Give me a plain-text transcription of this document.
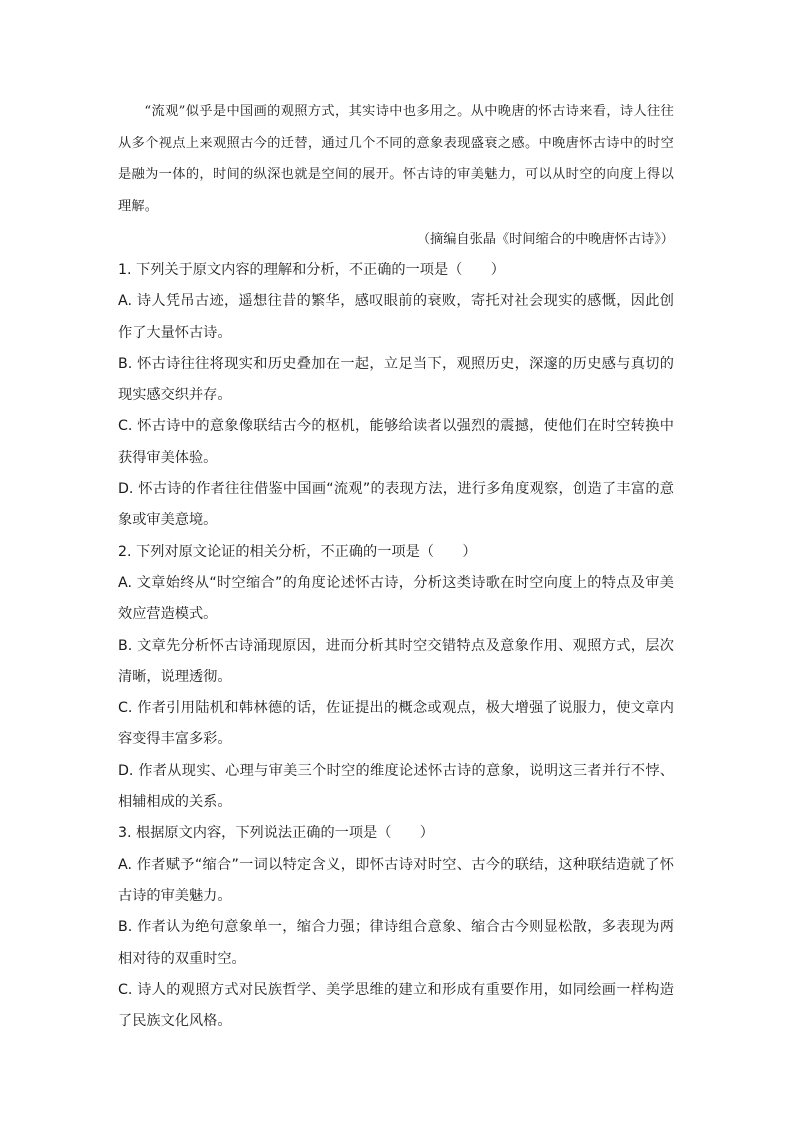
“流观”似乎是中国画的观照方式，其实诗中也多用之。从中晚唐的怀古诗来看，诗人往往从多个视点上来观照古今的迁替，通过几个不同的意象表现盛衰之感。中晚唐怀古诗中的时空是融为一体的，时间的纵深也就是空间的展开。怀古诗的审美魅力，可以从时空的向度上得以理解。

（摘编自张晶《时间缩合的中晚唐怀古诗》）

1. 下列关于原文内容的理解和分析，不正确的一项是（　　）

A. 诗人凭吊古迹，遥想往昔的繁华，感叹眼前的衰败，寄托对社会现实的感慨，因此创作了大量怀古诗。

B. 怀古诗往往将现实和历史叠加在一起，立足当下，观照历史，深邃的历史感与真切的现实感交织并存。

C. 怀古诗中的意象像联结古今的枢机，能够给读者以强烈的震撼，使他们在时空转换中获得审美体验。

D. 怀古诗的作者往往借鉴中国画“流观”的表现方法，进行多角度观察，创造了丰富的意象或审美意境。

2. 下列对原文论证的相关分析，不正确的一项是（　　）

A. 文章始终从“时空缩合”的角度论述怀古诗，分析这类诗歌在时空向度上的特点及审美效应营造模式。

B. 文章先分析怀古诗涌现原因，进而分析其时空交错特点及意象作用、观照方式，层次清晰，说理透彻。

C. 作者引用陆机和韩林德的话，佐证提出的概念或观点，极大增强了说服力，使文章内容变得丰富多彩。

D. 作者从现实、心理与审美三个时空的维度论述怀古诗的意象，说明这三者并行不悖、相辅相成的关系。

3. 根据原文内容，下列说法正确的一项是（　　）

A. 作者赋予“缩合”一词以特定含义，即怀古诗对时空、古今的联结，这种联结造就了怀古诗的审美魅力。

B. 作者认为绝句意象单一，缩合力强；律诗组合意象、缩合古今则显松散，多表现为两相对待的双重时空。

C. 诗人的观照方式对民族哲学、美学思维的建立和形成有重要作用，如同绘画一样构造了民族文化风格。
